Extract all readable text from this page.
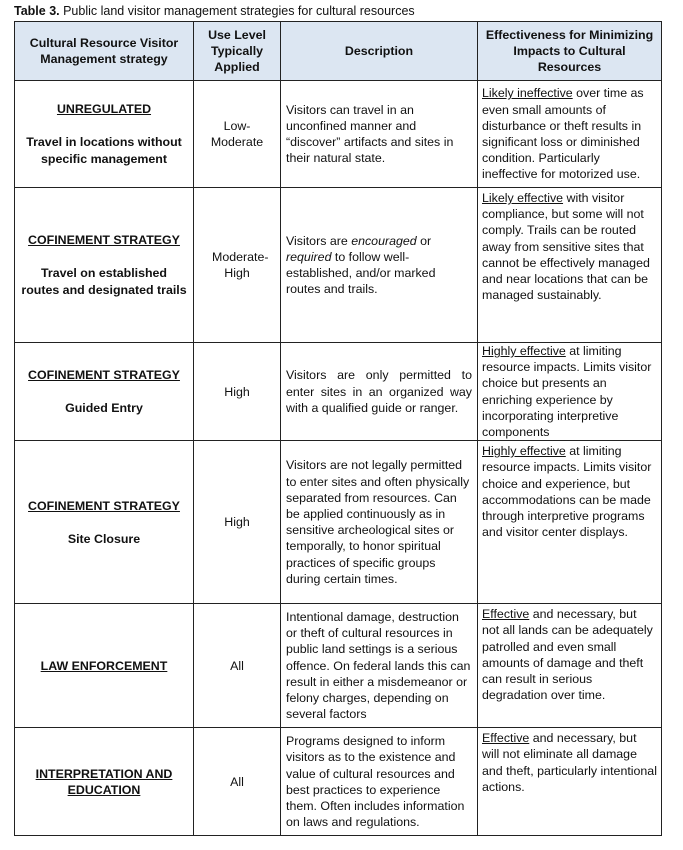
Table 3. Public land visitor management strategies for cultural resources
Cultural Resource Visitor Management strategy	Use Level Typically Applied	Description	Effectiveness for Minimizing Impacts to Cultural Resources

UNREGULATED
Travel in locations without specific management	Low-Moderate	Visitors can travel in an unconfined manner and “discover” artifacts and sites in their natural state.	Likely ineffective over time as even small amounts of disturbance or theft results in significant loss or diminished condition. Particularly ineffective for motorized use.

COFINEMENT STRATEGY
Travel on established routes and designated trails	Moderate-High	Visitors are encouraged or required to follow well-established, and/or marked routes and trails.	Likely effective with visitor compliance, but some will not comply. Trails can be routed away from sensitive sites that cannot be effectively managed and near locations that can be managed sustainably.

COFINEMENT STRATEGY
Guided Entry	High	Visitors are only permitted to enter sites in an organized way with a qualified guide or ranger.	Highly effective at limiting resource impacts. Limits visitor choice but presents an enriching experience by incorporating interpretive components

COFINEMENT STRATEGY
Site Closure	High	Visitors are not legally permitted to enter sites and often physically separated from resources. Can be applied continuously as in sensitive archeological sites or temporally, to honor spiritual practices of specific groups during certain times.	Highly effective at limiting resource impacts. Limits visitor choice and experience, but accommodations can be made through interpretive programs and visitor center displays.

LAW ENFORCEMENT	All	Intentional damage, destruction or theft of cultural resources in public land settings is a serious offence. On federal lands this can result in either a misdemeanor or felony charges, depending on several factors	Effective and necessary, but not all lands can be adequately patrolled and even small amounts of damage and theft can result in serious degradation over time.

INTERPRETATION AND EDUCATION	All	Programs designed to inform visitors as to the existence and value of cultural resources and best practices to experience them. Often includes information on laws and regulations.	Effective and necessary, but will not eliminate all damage and theft, particularly intentional actions.
